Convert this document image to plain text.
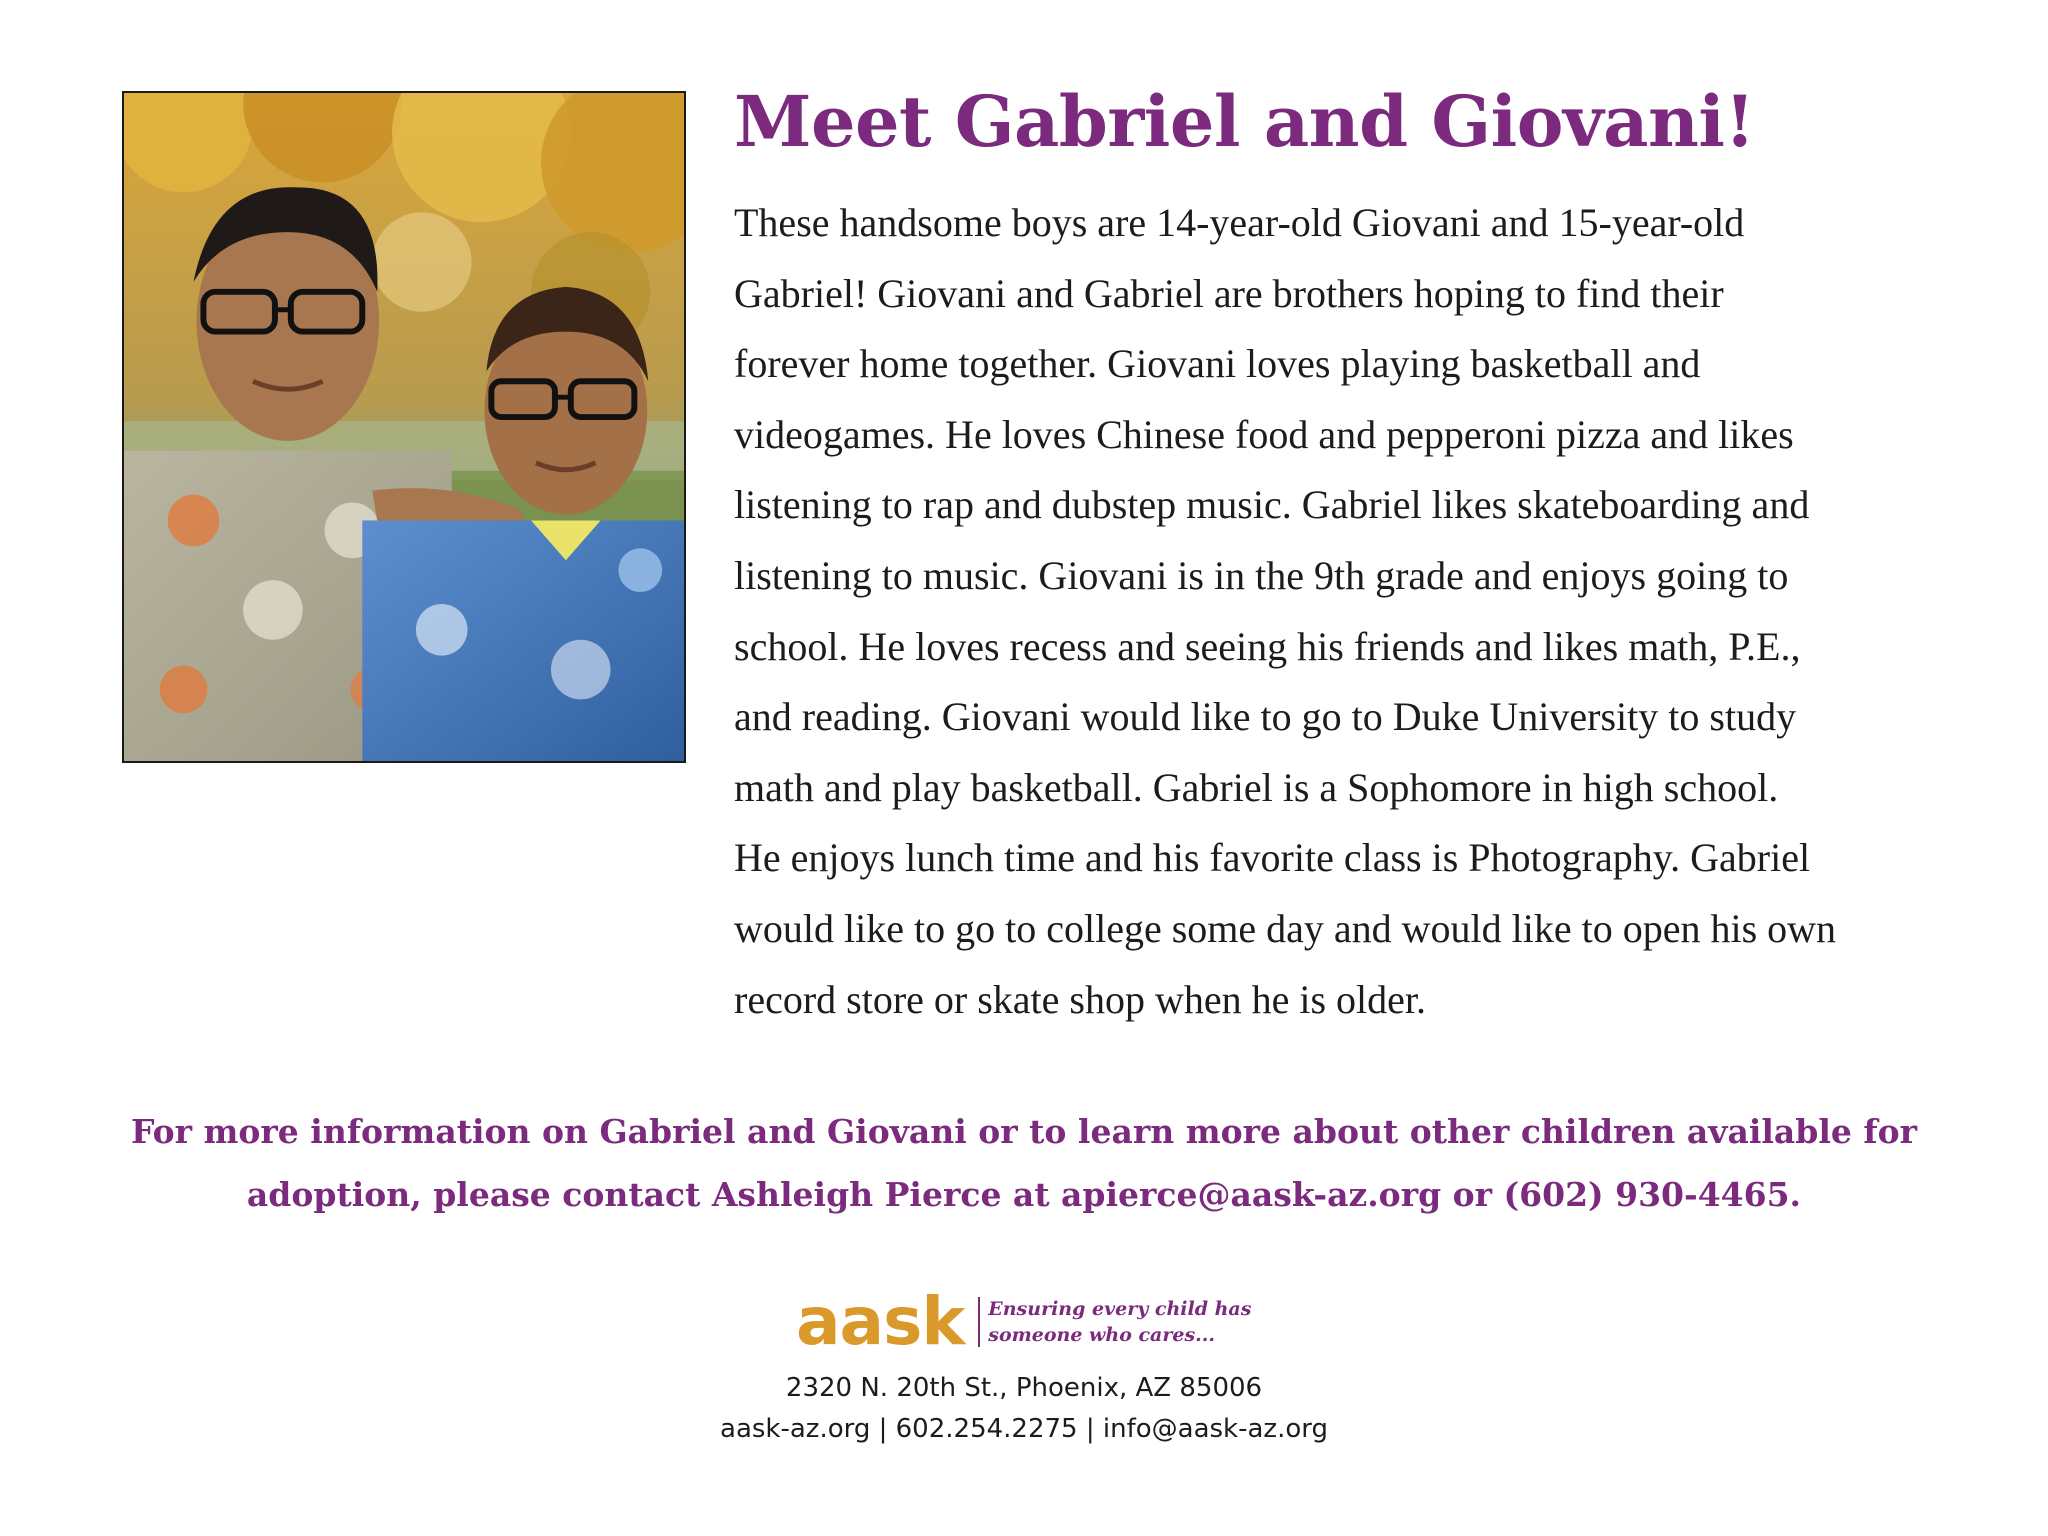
Meet Gabriel and Giovani!

These handsome boys are 14-year-old Giovani and 15-year-old
Gabriel! Giovani and Gabriel are brothers hoping to find their
forever home together. Giovani loves playing basketball and
videogames. He loves Chinese food and pepperoni pizza and likes
listening to rap and dubstep music. Gabriel likes skateboarding and
listening to music. Giovani is in the 9th grade and enjoys going to
school. He loves recess and seeing his friends and likes math, P.E.,
and reading. Giovani would like to go to Duke University to study
math and play basketball. Gabriel is a Sophomore in high school.
He enjoys lunch time and his favorite class is Photography. Gabriel
would like to go to college some day and would like to open his own
record store or skate shop when he is older.

For more information on Gabriel and Giovani or to learn more about other children available for
adoption, please contact Ashleigh Pierce at apierce@aask-az.org or (602) 930-4465.

aask Ensuring every child has
someone who cares...

2320 N. 20th St., Phoenix, AZ 85006

aask-az.org | 602.254.2275 | info@aask-az.org
